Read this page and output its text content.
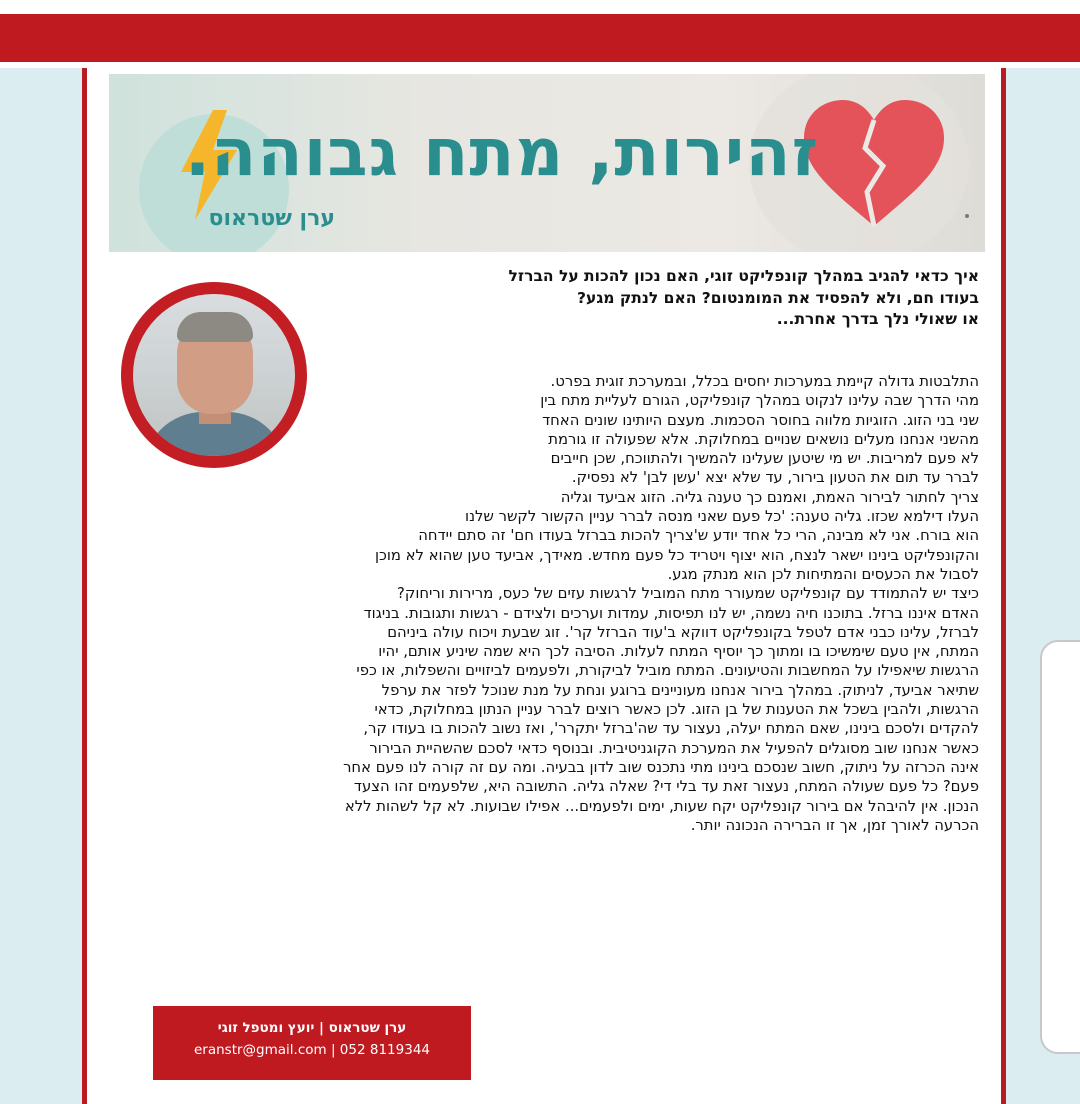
זהירות, מתח גבוהה.
ערן שטראוס
איך כדאי להגיב במהלך קונפליקט זוגי, האם נכון להכות על הברזל
בעודו חם, ולא להפסיד את המומנטום? האם לנתק מגע?
או שאולי נלך בדרך אחרת...
התלבטות גדולה קיימת במערכות יחסים בכלל, ובמערכת זוגית בפרט.
מהי הדרך שבה עלינו לנקוט במהלך קונפליקט, הגורם לעליית מתח בין
שני בני הזוג. הזוגיות מלווה בחוסר הסכמות. מעצם היותינו שונים האחד
מהשני אנחנו מעלים נושאים שנויים במחלוקת. אלא שפעולה זו גורמת
לא פעם למריבות. יש מי שיטען שעלינו להמשיך ולהתווכח, שכן חייבים
לברר עד תום את הטעון בירור, עד שלא יצא 'עשן לבן' לא נפסיק.
צריך לחתור לבירור האמת, ואמנם כך טענה גליה. הזוג אביעד וגליה
העלו דילמא שכזו. גליה טענה: 'כל פעם שאני מנסה לברר עניין הקשור לקשר שלנו
הוא בורח. אני לא מבינה, הרי כל אחד יודע ש'צריך להכות בברזל בעודו חם' זה סתם יידחה
והקונפליקט בינינו ישאר לנצח, הוא יצוף ויטריד כל פעם מחדש. מאידך, אביעד טען שהוא לא מוכן
לסבול את הכעסים והמתיחות לכן הוא מנתק מגע.
כיצד יש להתמודד עם קונפליקט שמעורר מתח המוביל לרגשות עזים של כעס, מרירות וריחוק?
האדם איננו ברזל. בתוכנו חיה נשמה, יש לנו תפיסות, עמדות וערכים ולצידם - רגשות ותגובות. בניגוד
לברזל, עלינו כבני אדם לטפל בקונפליקט דווקא ב'עוד הברזל קר'. זוג שבעת ויכוח עולה ביניהם
המתח, אין טעם שימשיכו בו ומתוך כך יוסיף המתח לעלות. הסיבה לכך היא שמה שיניע אותם, יהיו
הרגשות שיאפילו על המחשבות והטיעונים. המתח מוביל לביקורת, ולפעמים לביזויים והשפלות, או כפי
שתיאר אביעד, לניתוק. במהלך בירור אנחנו מעוניינים ברוגע ונחת על מנת שנוכל לפזר את ערפל
הרגשות, ולהבין בשכל את הטענות של בן הזוג. לכן כאשר רוצים לברר עניין הנתון במחלוקת, כדאי
להקדים ולסכם בינינו, שאם המתח יעלה, נעצור עד שה'ברזל יתקרר', ואז נשוב להכות בו בעודו קר,
כאשר אנחנו שוב מסוגלים להפעיל את המערכת הקוגניטיבית. ובנוסף כדאי לסכם שהשהיית הבירור
אינה הכרזה על ניתוק, חשוב שנסכם בינינו מתי נתכנס שוב לדון בבעיה. ומה עם זה קורה לנו פעם אחר
פעם? כל פעם שעולה המתח, נעצור זאת עד בלי די? שאלה גליה. התשובה היא, שלפעמים זהו הצעד
הנכון. אין להיבהל אם בירור קונפליקט יקח שעות, ימים ולפעמים... אפילו שבועות. לא קל לשהות ללא
הכרעה לאורך זמן, אך זו הברירה הנכונה יותר.
ערן שטראוס | יועץ ומטפל זוגי
eranstr@gmail.com | 052 8119344
